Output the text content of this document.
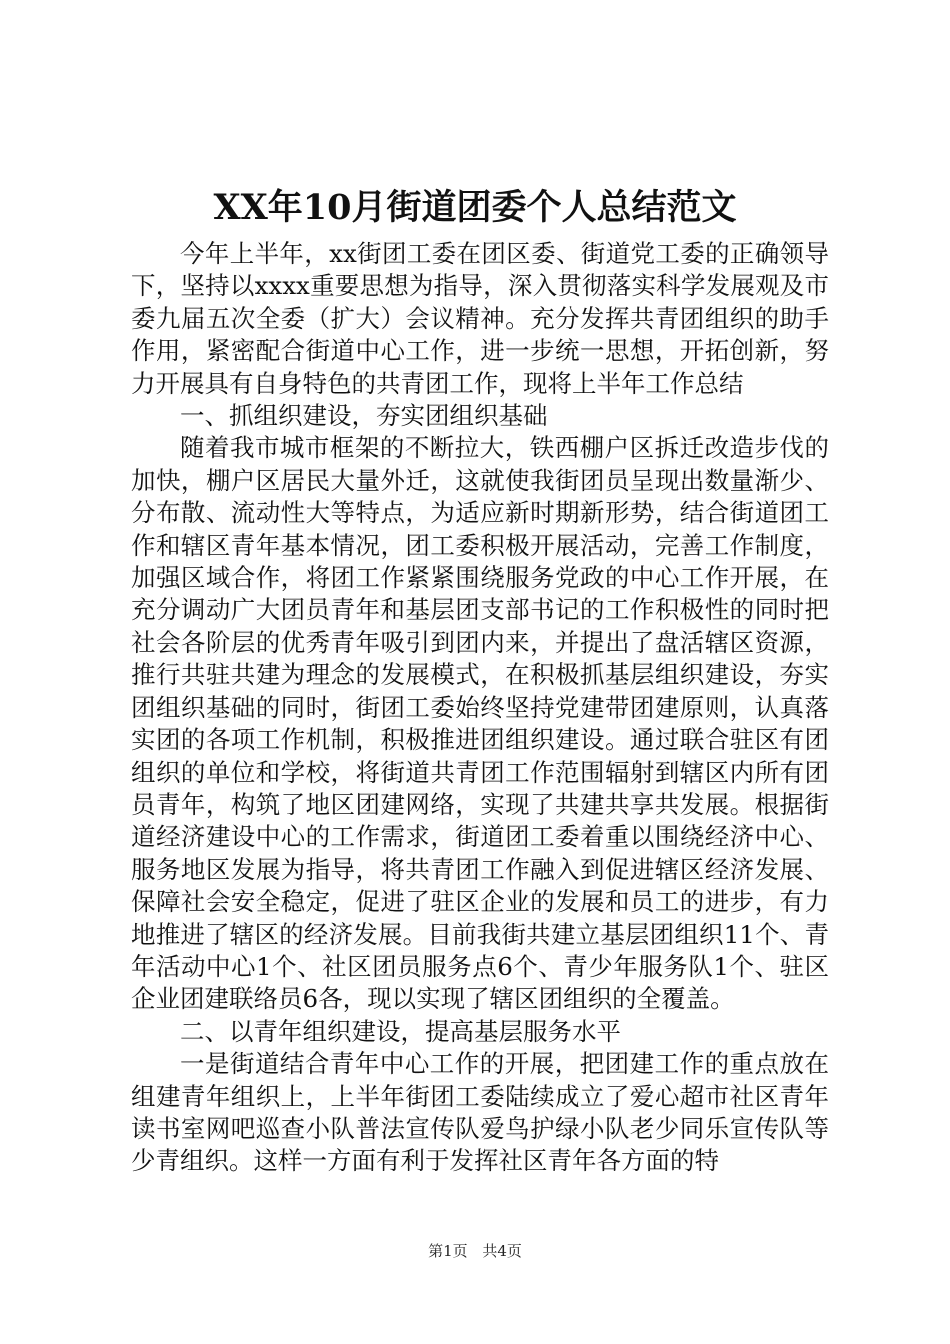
XX年10月街道团委个人总结范文

今年上半年，xx街团工委在团区委、街道党工委的正确领导下，坚持以xxxx重要思想为指导，深入贯彻落实科学发展观及市委九届五次全委（扩大）会议精神。充分发挥共青团组织的助手作用，紧密配合街道中心工作，进一步统一思想，开拓创新，努力开展具有自身特色的共青团工作，现将上半年工作总结

一、抓组织建设，夯实团组织基础

随着我市城市框架的不断拉大，铁西棚户区拆迁改造步伐的加快，棚户区居民大量外迁，这就使我街团员呈现出数量渐少、分布散、流动性大等特点，为适应新时期新形势，结合街道团工作和辖区青年基本情况，团工委积极开展活动，完善工作制度，加强区域合作，将团工作紧紧围绕服务党政的中心工作开展，在充分调动广大团员青年和基层团支部书记的工作积极性的同时把社会各阶层的优秀青年吸引到团内来，并提出了盘活辖区资源，推行共驻共建为理念的发展模式，在积极抓基层组织建设，夯实团组织基础的同时，街团工委始终坚持党建带团建原则，认真落实团的各项工作机制，积极推进团组织建设。通过联合驻区有团组织的单位和学校，将街道共青团工作范围辐射到辖区内所有团员青年，构筑了地区团建网络，实现了共建共享共发展。根据街道经济建设中心的工作需求，街道团工委着重以围绕经济中心、服务地区发展为指导，将共青团工作融入到促进辖区经济发展、保障社会安全稳定，促进了驻区企业的发展和员工的进步，有力地推进了辖区的经济发展。目前我街共建立基层团组织11个、青年活动中心1个、社区团员服务点6个、青少年服务队1个、驻区企业团建联络员6各，现以实现了辖区团组织的全覆盖。

二、以青年组织建设，提高基层服务水平

一是街道结合青年中心工作的开展，把团建工作的重点放在组建青年组织上，上半年街团工委陆续成立了爱心超市社区青年读书室网吧巡查小队普法宣传队爱鸟护绿小队老少同乐宣传队等少青组织。这样一方面有利于发挥社区青年各方面的特

第1页 共4页
